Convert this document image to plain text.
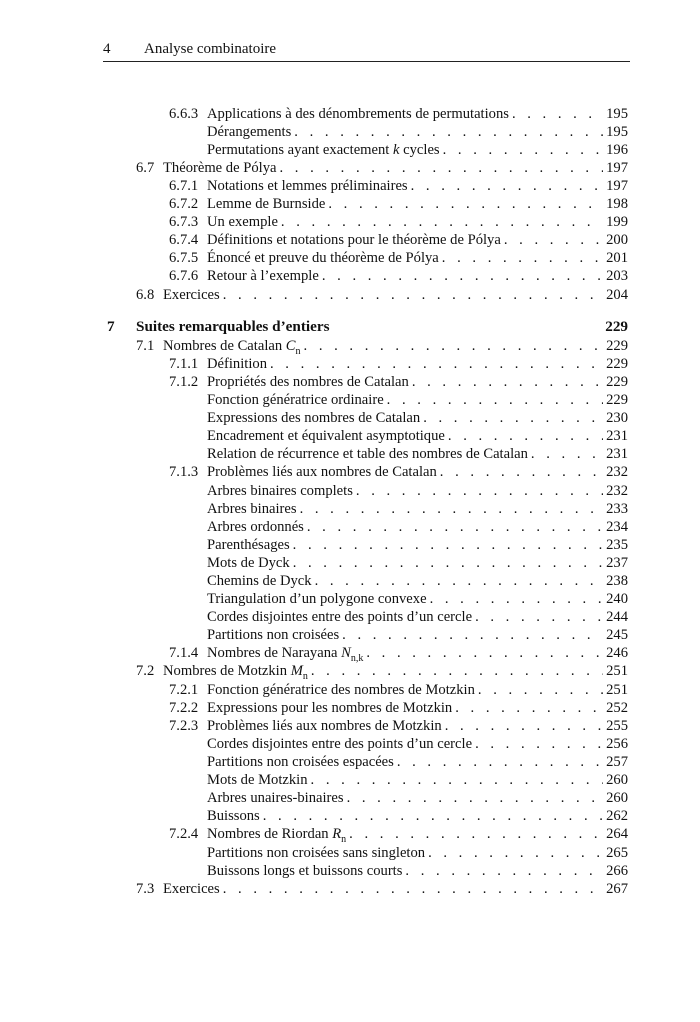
4 Analyse combinatoire
6.6.3 Applications à des dénombrements de permutations . . .	195
Dérangements . . .	195
Permutations ayant exactement k cycles . . .	196
6.7 Théorème de Pólya . . .	197
6.7.1 Notations et lemmes préliminaires . . .	197
6.7.2 Lemme de Burnside . . .	198
6.7.3 Un exemple . . .	199
6.7.4 Définitions et notations pour le théorème de Pólya . . .	200
6.7.5 Énoncé et preuve du théorème de Pólya . . .	201
6.7.6 Retour à l’exemple . . .	203
6.8 Exercices . . .	204
7	Suites remarquables d’entiers	229
7.1 Nombres de Catalan $C_n$ . . .	229
7.1.1 Définition . . .	229
7.1.2 Propriétés des nombres de Catalan . . .	229
Fonction génératrice ordinaire . . .	229
Expressions des nombres de Catalan . . .	230
Encadrement et équivalent asymptotique . . .	231
Relation de récurrence et table des nombres de Catalan . . .	231
7.1.3 Problèmes liés aux nombres de Catalan . . .	232
Arbres binaires complets . . .	232
Arbres binaires . . .	233
Arbres ordonnés . . .	234
Parenthésages . . .	235
Mots de Dyck . . .	237
Chemins de Dyck . . .	238
Triangulation d’un polygone convexe . . .	240
Cordes disjointes entre des points d’un cercle . . .	244
Partitions non croisées . . .	245
7.1.4 Nombres de Narayana $N_{n,k}$ . . .	246
7.2 Nombres de Motzkin $M_n$ . . .	251
7.2.1 Fonction génératrice des nombres de Motzkin . . .	251
7.2.2 Expressions pour les nombres de Motzkin . . .	252
7.2.3 Problèmes liés aux nombres de Motzkin . . .	255
Cordes disjointes entre des points d’un cercle . . .	256
Partitions non croisées espacées . . .	257
Mots de Motzkin . . .	260
Arbres unaires-binaires . . .	260
Buissons . . .	262
7.2.4 Nombres de Riordan $R_n$ . . .	264
Partitions non croisées sans singleton . . .	265
Buissons longs et buissons courts . . .	266
7.3 Exercices . . .	267
